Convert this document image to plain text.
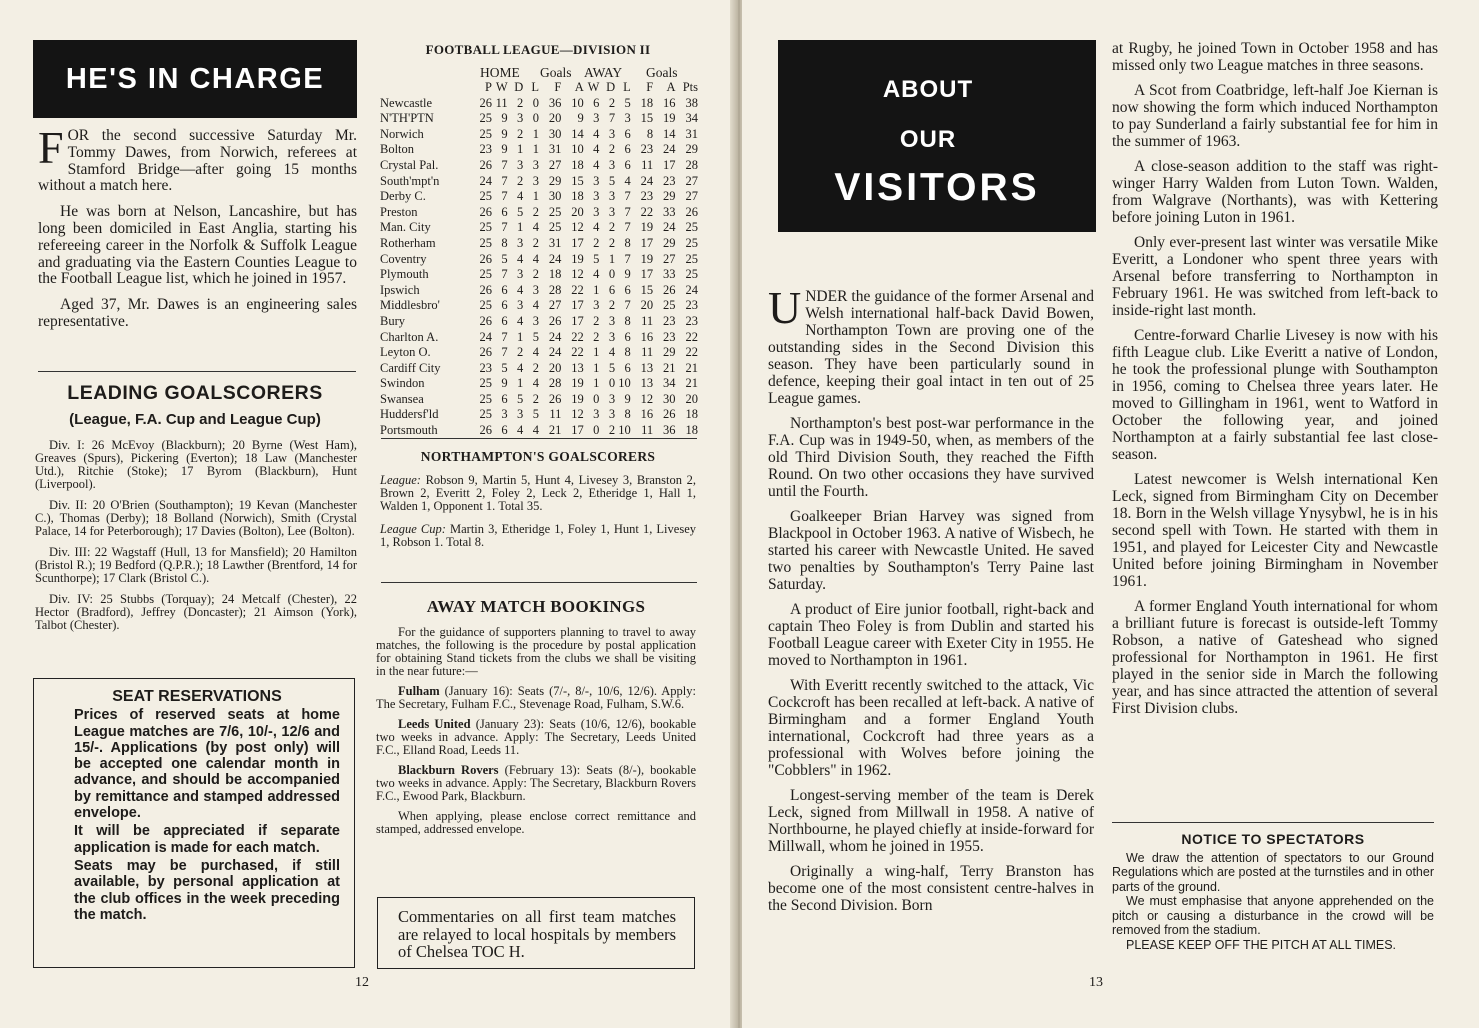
HE'S IN CHARGE

FOR the second successive Saturday Mr. Tommy Dawes, from Norwich, referees at Stamford Bridge—after going 15 months without a match here.

He was born at Nelson, Lancashire, but has long been domiciled in East Anglia, starting his refereeing career in the Norfolk & Suffolk League and graduating via the Eastern Counties League to the Football League list, which he joined in 1957.

Aged 37, Mr. Dawes is an engineering sales representative.

LEADING GOALSCORERS
(League, F.A. Cup and League Cup)

Div. I: 26 McEvoy (Blackburn); 20 Byrne (West Ham), Greaves (Spurs), Pickering (Everton); 18 Law (Manchester Utd.), Ritchie (Stoke); 17 Byrom (Blackburn), Hunt (Liverpool).

Div. II: 20 O'Brien (Southampton); 19 Kevan (Manchester C.), Thomas (Derby); 18 Bolland (Norwich), Smith (Crystal Palace, 14 for Peterborough); 17 Davies (Bolton), Lee (Bolton).

Div. III: 22 Wagstaff (Hull, 13 for Mansfield); 20 Hamilton (Bristol R.); 19 Bedford (Q.P.R.); 18 Lawther (Brentford, 14 for Scunthorpe); 17 Clark (Bristol C.).

Div. IV: 25 Stubbs (Torquay); 24 Metcalf (Chester), 22 Hector (Bradford), Jeffrey (Doncaster); 21 Aimson (York), Talbot (Chester).

SEAT RESERVATIONS

Prices of reserved seats at home League matches are 7/6, 10/-, 12/6 and 15/-. Applications (by post only) will be accepted one calendar month in advance, and should be accompanied by remittance and stamped addressed envelope.

It will be appreciated if separate application is made for each match.

Seats may be purchased, if still available, by personal application at the club offices in the week preceding the match.

12
FOOTBALL LEAGUE—DIVISION II
HOME Goals AWAY Goals
	P	W	D	L	F	A	W	D	L	F	A	Pts
Newcastle	26	11	2	0	36	10	6	2	5	18	16	38
N'TH'PTN	25	9	3	0	20	9	3	7	3	15	19	34
Norwich	25	9	2	1	30	14	4	3	6	8	14	31
Bolton	23	9	1	1	31	10	4	2	6	23	24	29
Crystal Pal.	26	7	3	3	27	18	4	3	6	11	17	28
South'mpt'n	24	7	2	3	29	15	3	5	4	24	23	27
Derby C.	25	7	4	1	30	18	3	3	7	23	29	27
Preston	26	6	5	2	25	20	3	3	7	22	33	26
Man. City	25	7	1	4	25	12	4	2	7	19	24	25
Rotherham	25	8	3	2	31	17	2	2	8	17	29	25
Coventry	26	5	4	4	24	19	5	1	7	19	27	25
Plymouth	25	7	3	2	18	12	4	0	9	17	33	25
Ipswich	26	6	4	3	28	22	1	6	6	15	26	24
Middlesbro'	25	6	3	4	27	17	3	2	7	20	25	23
Bury	26	6	4	3	26	17	2	3	8	11	23	23
Charlton A.	24	7	1	5	24	22	2	3	6	16	23	22
Leyton O.	26	7	2	4	24	22	1	4	8	11	29	22
Cardiff City	23	5	4	2	20	13	1	5	6	13	21	21
Swindon	25	9	1	4	28	19	1	0	10	13	34	21
Swansea	25	6	5	2	26	19	0	3	9	12	30	20
Huddersf'ld	25	3	3	5	11	12	3	3	8	16	26	18
Portsmouth	26	6	4	4	21	17	0	2	10	11	36	18
NORTHAMPTON'S GOALSCORERS

League: Robson 9, Martin 5, Hunt 4, Livesey 3, Branston 2, Brown 2, Everitt 2, Foley 2, Leck 2, Etheridge 1, Hall 1, Walden 1, Opponent 1. Total 35.

League Cup: Martin 3, Etheridge 1, Foley 1, Hunt 1, Livesey 1, Robson 1. Total 8.

AWAY MATCH BOOKINGS

For the guidance of supporters planning to travel to away matches, the following is the procedure by postal application for obtaining Stand tickets from the clubs we shall be visiting in the near future:—

Fulham (January 16): Seats (7/-, 8/-, 10/6, 12/6). Apply: The Secretary, Fulham F.C., Stevenage Road, Fulham, S.W.6.

Leeds United (January 23): Seats (10/6, 12/6), bookable two weeks in advance. Apply: The Secretary, Leeds United F.C., Elland Road, Leeds 11.

Blackburn Rovers (February 13): Seats (8/-), bookable two weeks in advance. Apply: The Secretary, Blackburn Rovers F.C., Ewood Park, Blackburn.

When applying, please enclose correct remittance and stamped, addressed envelope.

Commentaries on all first team matches are relayed to local hospitals by members of Chelsea TOC H.

ABOUT
OUR
VISITORS

UNDER the guidance of the former Arsenal and Welsh international half-back David Bowen, Northampton Town are proving one of the outstanding sides in the Second Division this season. They have been particularly sound in defence, keeping their goal intact in ten out of 25 League games.

Northampton's best post-war performance in the F.A. Cup was in 1949-50, when, as members of the old Third Division South, they reached the Fifth Round. On two other occasions they have survived until the Fourth.

Goalkeeper Brian Harvey was signed from Blackpool in October 1963. A native of Wisbech, he started his career with Newcastle United. He saved two penalties by Southampton's Terry Paine last Saturday.

A product of Eire junior football, right-back and captain Theo Foley is from Dublin and started his Football League career with Exeter City in 1955. He moved to Northampton in 1961.

With Everitt recently switched to the attack, Vic Cockcroft has been recalled at left-back. A native of Birmingham and a former England Youth international, Cockcroft had three years as a professional with Wolves before joining the "Cobblers" in 1962.

Longest-serving member of the team is Derek Leck, signed from Millwall in 1958. A native of Northbourne, he played chiefly at inside-forward for Millwall, whom he joined in 1955.

Originally a wing-half, Terry Branston has become one of the most consistent centre-halves in the Second Division. Born

at Rugby, he joined Town in October 1958 and has missed only two League matches in three seasons.

A Scot from Coatbridge, left-half Joe Kiernan is now showing the form which induced Northampton to pay Sunderland a fairly substantial fee for him in the summer of 1963.

A close-season addition to the staff was right-winger Harry Walden from Luton Town. Walden, from Walgrave (Northants), was with Kettering before joining Luton in 1961.

Only ever-present last winter was versatile Mike Everitt, a Londoner who spent three years with Arsenal before transferring to Northampton in February 1961. He was switched from left-back to inside-right last month.

Centre-forward Charlie Livesey is now with his fifth League club. Like Everitt a native of London, he took the professional plunge with Southampton in 1956, coming to Chelsea three years later. He moved to Gillingham in 1961, went to Watford in October the following year, and joined Northampton at a fairly substantial fee last close-season.

Latest newcomer is Welsh international Ken Leck, signed from Birmingham City on December 18. Born in the Welsh village Ynysybwl, he is in his second spell with Town. He started with them in 1951, and played for Leicester City and Newcastle United before joining Birmingham in November 1961.

A former England Youth international for whom a brilliant future is forecast is outside-left Tommy Robson, a native of Gateshead who signed professional for Northampton in 1961. He first played in the senior side in March the following year, and has since attracted the attention of several First Division clubs.

NOTICE TO SPECTATORS

We draw the attention of spectators to our Ground Regulations which are posted at the turnstiles and in other parts of the ground.

We must emphasise that anyone apprehended on the pitch or causing a disturbance in the crowd will be removed from the stadium.

PLEASE KEEP OFF THE PITCH AT ALL TIMES.

13
